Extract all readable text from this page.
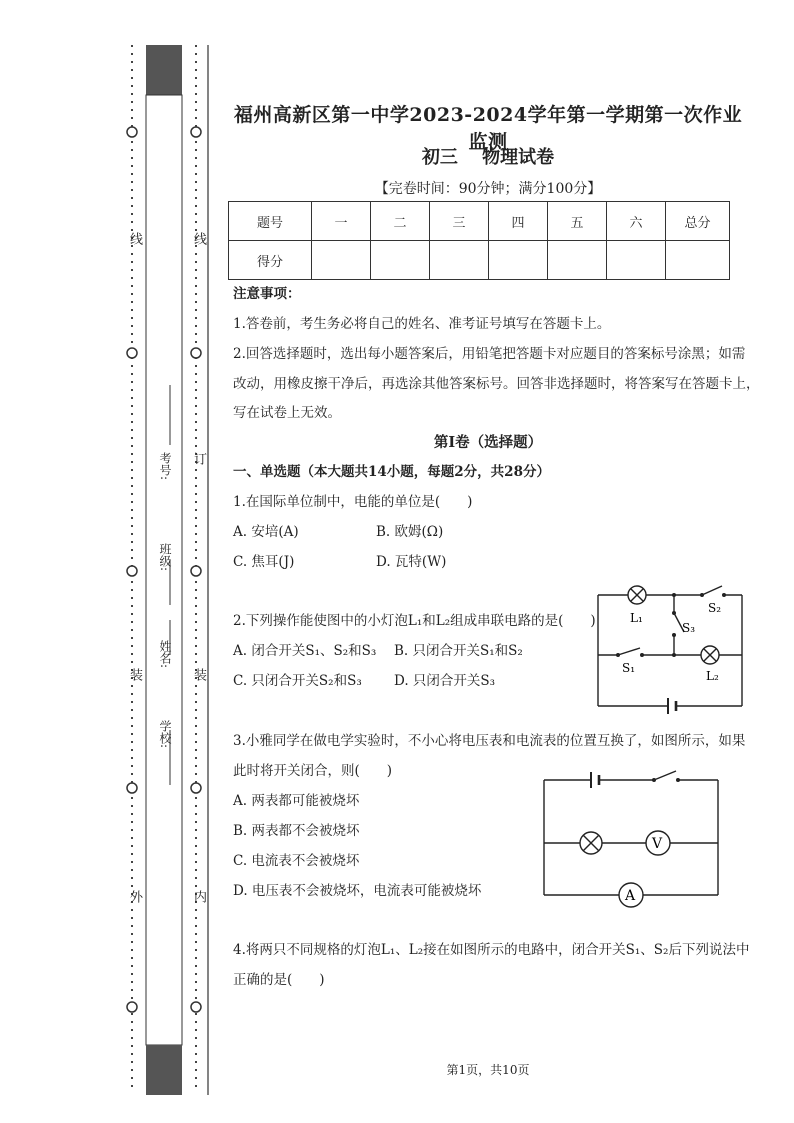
线
装
外
线
订
装
内
考号:
班级:
姓名:
学校:
福州高新区第一中学2023-2024学年第一学期第一次作业监测
初三 物理试卷
【完卷时间：90分钟；满分100分】
题号	一	二	三	四	五	六	总分
得分							
注意事项：
1.答卷前，考生务必将自己的姓名、准考证号填写在答题卡上。
2.回答选择题时，选出每小题答案后，用铅笔把答题卡对应题目的答案标号涂黑；如需
改动，用橡皮擦干净后，再选涂其他答案标号。回答非选择题时，将答案写在答题卡上，
写在试卷上无效。
第I卷（选择题）
一、单选题（本大题共14小题，每题2分，共28分）
1.在国际单位制中，电能的单位是(　　)
A. 安培(A)	B. 欧姆(Ω)
C. 焦耳(J)	D. 瓦特(W)
2.下列操作能使图中的小灯泡L₁和L₂组成串联电路的是(　　)
A. 闭合开关S₁、S₂和S₃ B. 只闭合开关S₁和S₂
C. 只闭合开关S₂和S₃ D. 只闭合开关S₃
L₁
S₂
S₃
S₁
L₂
3.小雅同学在做电学实验时，不小心将电压表和电流表的位置互换了，如图所示，如果
此时将开关闭合，则(　　)
A. 两表都可能被烧坏
B. 两表都不会被烧坏
C. 电流表不会被烧坏
D. 电压表不会被烧坏，电流表可能被烧坏
V
A
4.将两只不同规格的灯泡L₁、L₂接在如图所示的电路中，闭合开关S₁、S₂后下列说法中
正确的是(　　)
第1页，共10页
